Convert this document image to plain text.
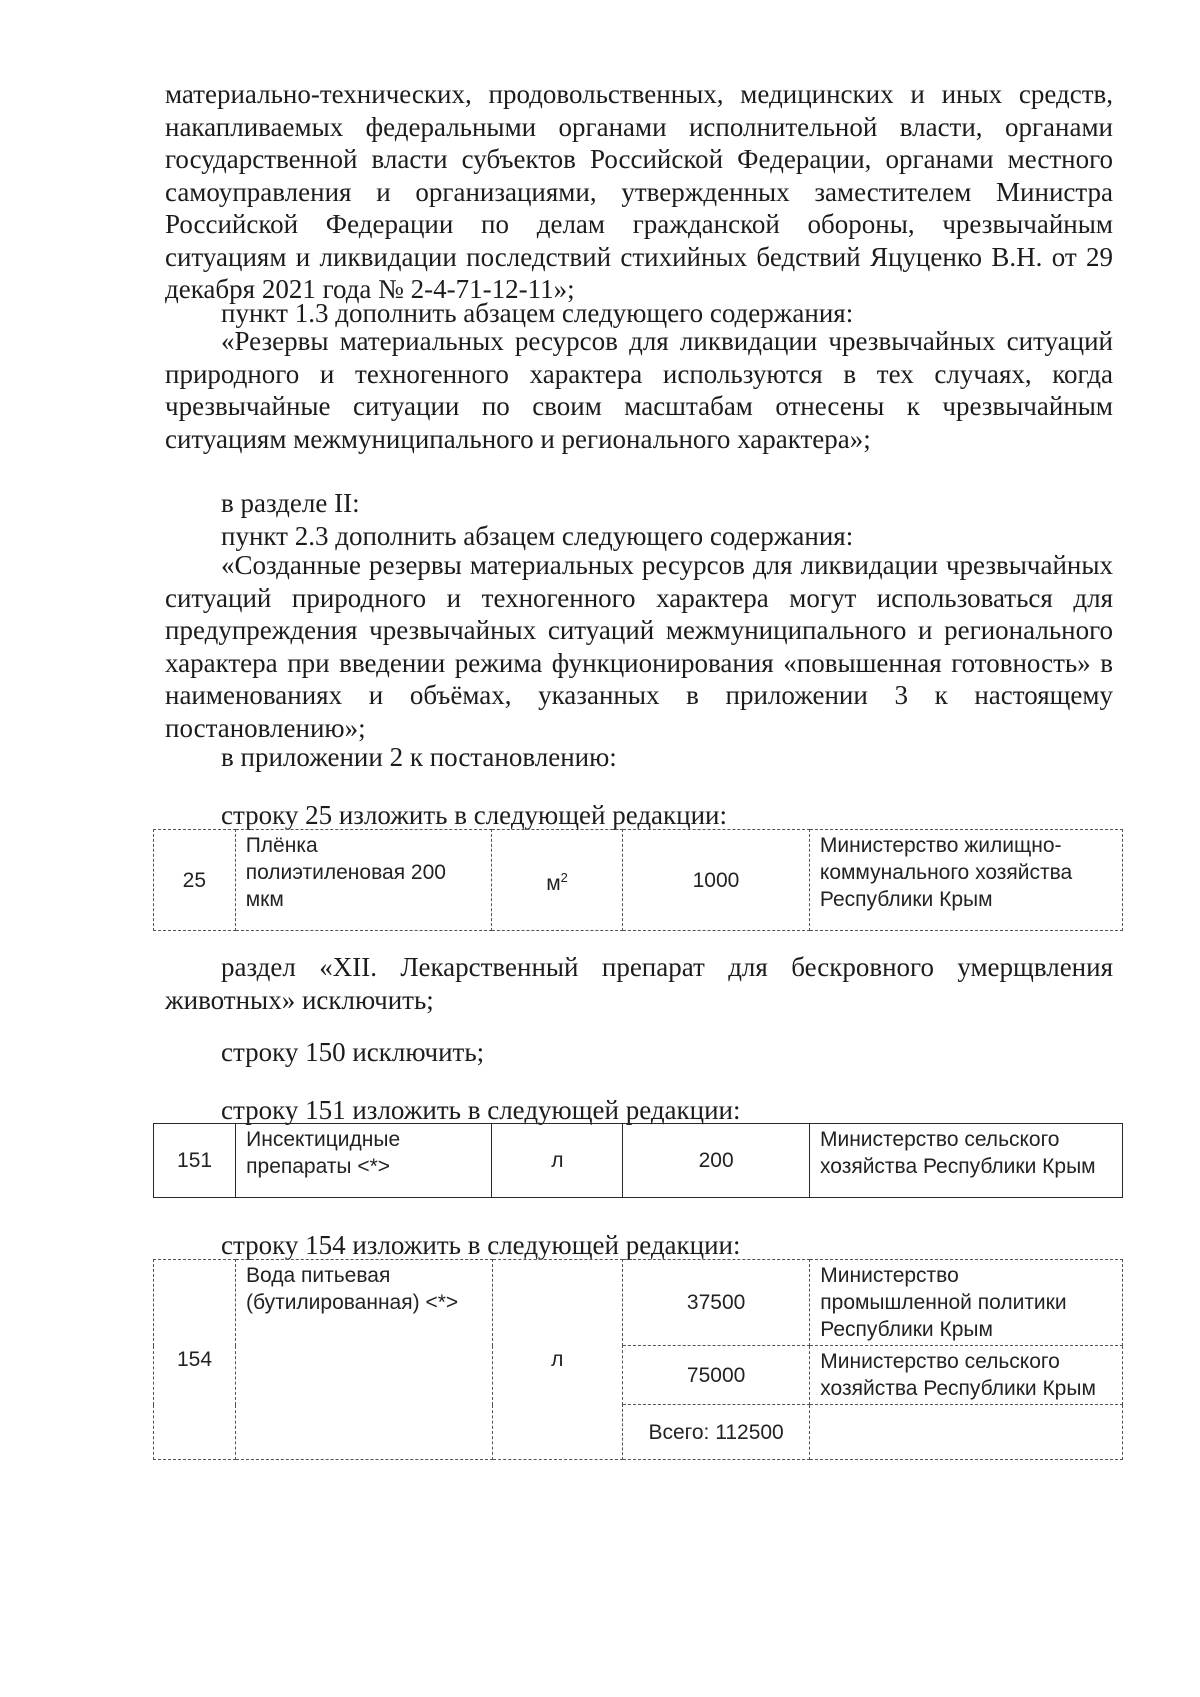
материально-технических, продовольственных, медицинских и иных средств, накапливаемых федеральными органами исполнительной власти, органами государственной власти субъектов Российской Федерации, органами местного самоуправления и организациями, утвержденных заместителем Министра Российской Федерации по делам гражданской обороны, чрезвычайным ситуациям и ликвидации последствий стихийных бедствий Яцуценко В.Н. от 29 декабря 2021 года № 2-4-71-12-11»;

пункт 1.3 дополнить абзацем следующего содержания:

«Резервы материальных ресурсов для ликвидации чрезвычайных ситуаций природного и техногенного характера используются в тех случаях, когда чрезвычайные ситуации по своим масштабам отнесены к чрезвычайным ситуациям межмуниципального и регионального характера»;

в разделе II:

пункт 2.3 дополнить абзацем следующего содержания:

«Созданные резервы материальных ресурсов для ликвидации чрезвычайных ситуаций природного и техногенного характера могут использоваться для предупреждения чрезвычайных ситуаций межмуниципального и регионального характера при введении режима функционирования «повышенная готовность» в наименованиях и объёмах, указанных в приложении 3 к настоящему постановлению»;

в приложении 2 к постановлению:

строку 25 изложить в следующей редакции:

25	Плёнка полиэтиленовая 200 мкм	$м^2$	1000	Министерство жилищно-коммунального хозяйства Республики Крым

раздел «XII. Лекарственный препарат для бескровного умерщвления животных» исключить;

строку 150 исключить;

строку 151 изложить в следующей редакции:

151	Инсектицидные препараты <*>	л	200	Министерство сельского хозяйства Республики Крым

строку 154 изложить в следующей редакции:

154	Вода питьевая (бутилированная) <*>	л	37500	Министерство промышленной политики Республики Крым
			75000	Министерство сельского хозяйства Республики Крым
			Всего: 112500	
